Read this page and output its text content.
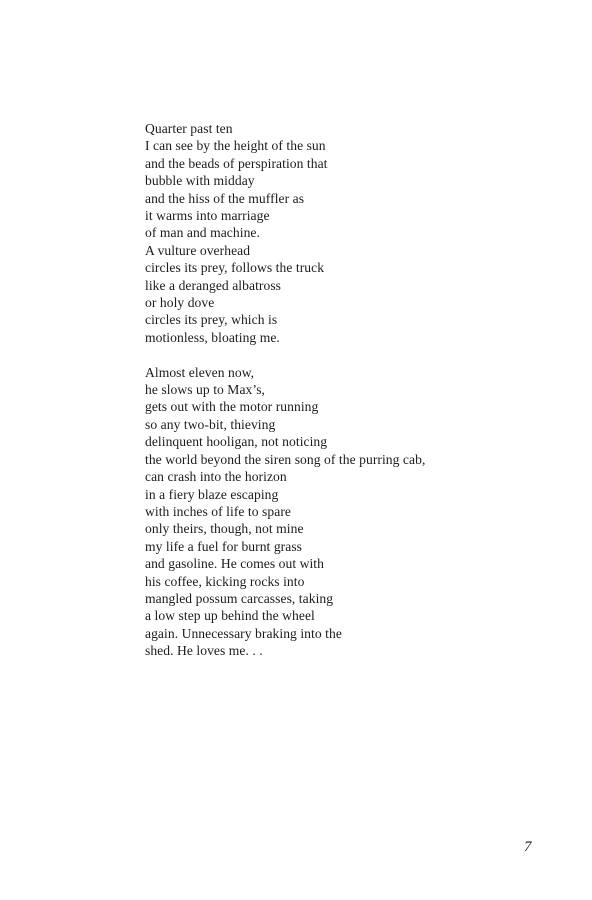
Quarter past ten
I can see by the height of the sun
and the beads of perspiration that
bubble with midday
and the hiss of the muffler as
it warms into marriage
of man and machine.
A vulture overhead
circles its prey, follows the truck
like a deranged albatross
or holy dove
circles its prey, which is
motionless, bloating me.
Almost eleven now,
he slows up to Max’s,
gets out with the motor running
so any two-bit, thieving
delinquent hooligan, not noticing
the world beyond the siren song of the purring cab,
can crash into the horizon
in a fiery blaze escaping
with inches of life to spare
only theirs, though, not mine
my life a fuel for burnt grass
and gasoline. He comes out with
his coffee, kicking rocks into
mangled possum carcasses, taking
a low step up behind the wheel
again. Unnecessary braking into the
shed. He loves me. . .
7
